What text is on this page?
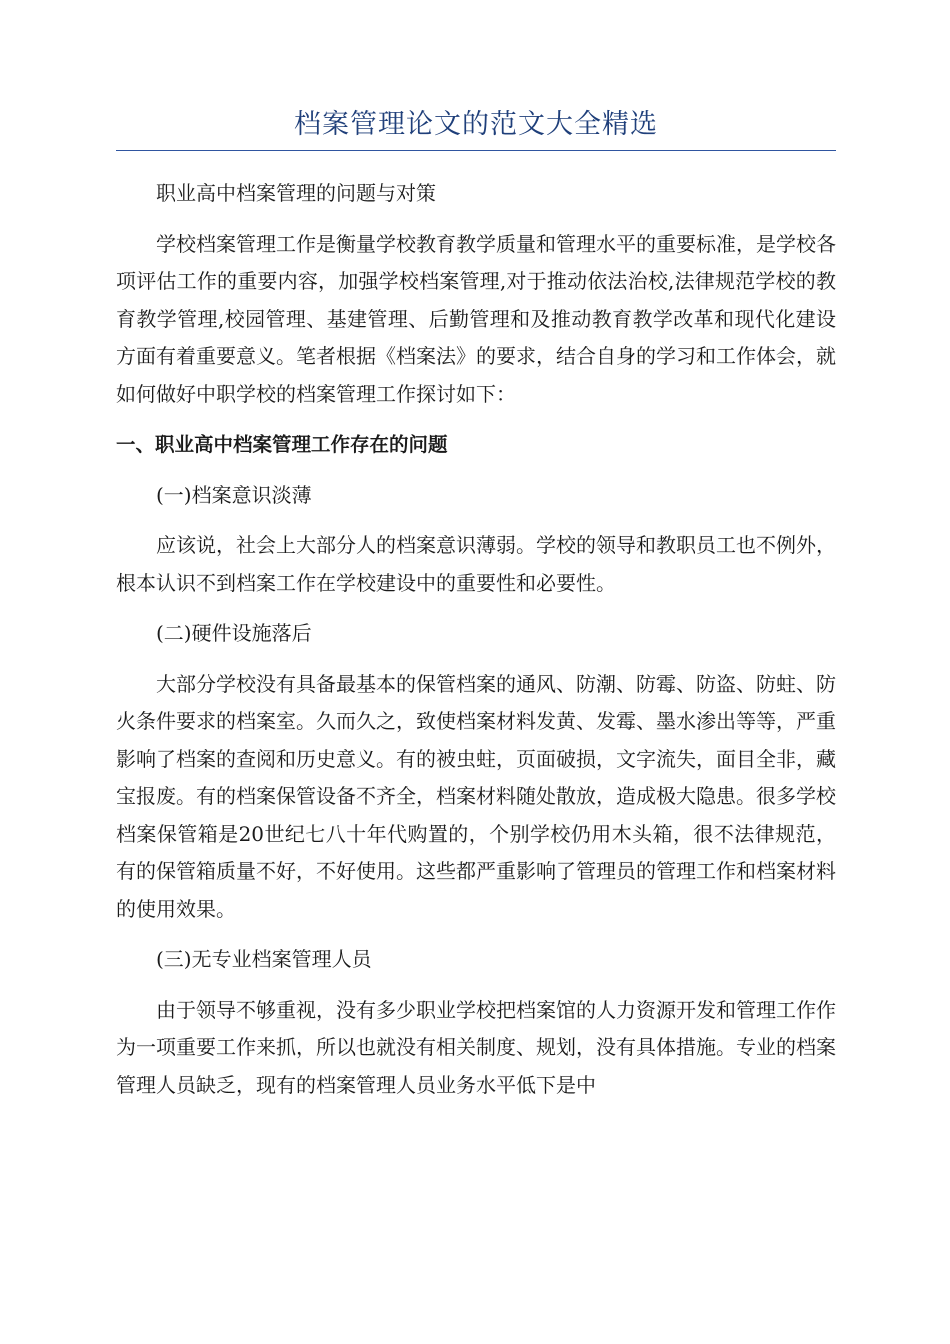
档案管理论文的范文大全精选

职业高中档案管理的问题与对策

学校档案管理工作是衡量学校教育教学质量和管理水平的重要标准，是学校各项评估工作的重要内容，加强学校档案管理,对于推动依法治校,法律规范学校的教育教学管理,校园管理、基建管理、后勤管理和及推动教育教学改革和现代化建设方面有着重要意义。笔者根据《档案法》的要求，结合自身的学习和工作体会，就如何做好中职学校的档案管理工作探讨如下：

一、职业高中档案管理工作存在的问题

(一)档案意识淡薄

应该说，社会上大部分人的档案意识薄弱。学校的领导和教职员工也不例外，根本认识不到档案工作在学校建设中的重要性和必要性。

(二)硬件设施落后

大部分学校没有具备最基本的保管档案的通风、防潮、防霉、防盗、防蛀、防火条件要求的档案室。久而久之，致使档案材料发黄、发霉、墨水渗出等等，严重影响了档案的查阅和历史意义。有的被虫蛀，页面破损，文字流失，面目全非，藏宝报废。有的档案保管设备不齐全，档案材料随处散放，造成极大隐患。很多学校档案保管箱是20世纪七八十年代购置的，个别学校仍用木头箱，很不法律规范，有的保管箱质量不好，不好使用。这些都严重影响了管理员的管理工作和档案材料的使用效果。

(三)无专业档案管理人员

由于领导不够重视，没有多少职业学校把档案馆的人力资源开发和管理工作作为一项重要工作来抓，所以也就没有相关制度、规划，没有具体措施。专业的档案管理人员缺乏，现有的档案管理人员业务水平低下是中
